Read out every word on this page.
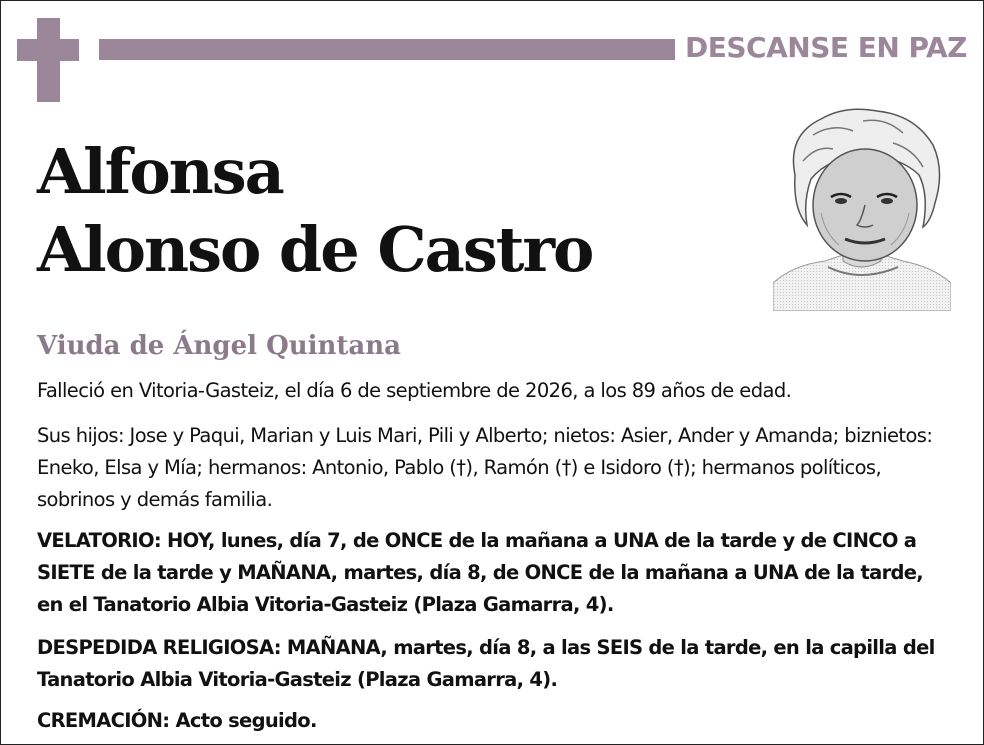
DESCANSE EN PAZ
Alfonsa
Alonso de Castro
Viuda de Ángel Quintana

Falleció en Vitoria-Gasteiz, el día 6 de septiembre de 2026, a los 89 años de edad.

Sus hijos: Jose y Paqui, Marian y Luis Mari, Pili y Alberto; nietos: Asier, Ander y Amanda; biznietos: Eneko, Elsa y Mía; hermanos: Antonio, Pablo (†), Ramón (†) e Isidoro (†); hermanos políticos, sobrinos y demás familia.

VELATORIO: HOY, lunes, día 7, de ONCE de la mañana a UNA de la tarde y de CINCO a SIETE de la tarde y MAÑANA, martes, día 8, de ONCE de la mañana a UNA de la tarde, en el Tanatorio Albia Vitoria-Gasteiz (Plaza Gamarra, 4).

DESPEDIDA RELIGIOSA: MAÑANA, martes, día 8, a las SEIS de la tarde, en la capilla del Tanatorio Albia Vitoria-Gasteiz (Plaza Gamarra, 4).

CREMACIÓN: Acto seguido.
